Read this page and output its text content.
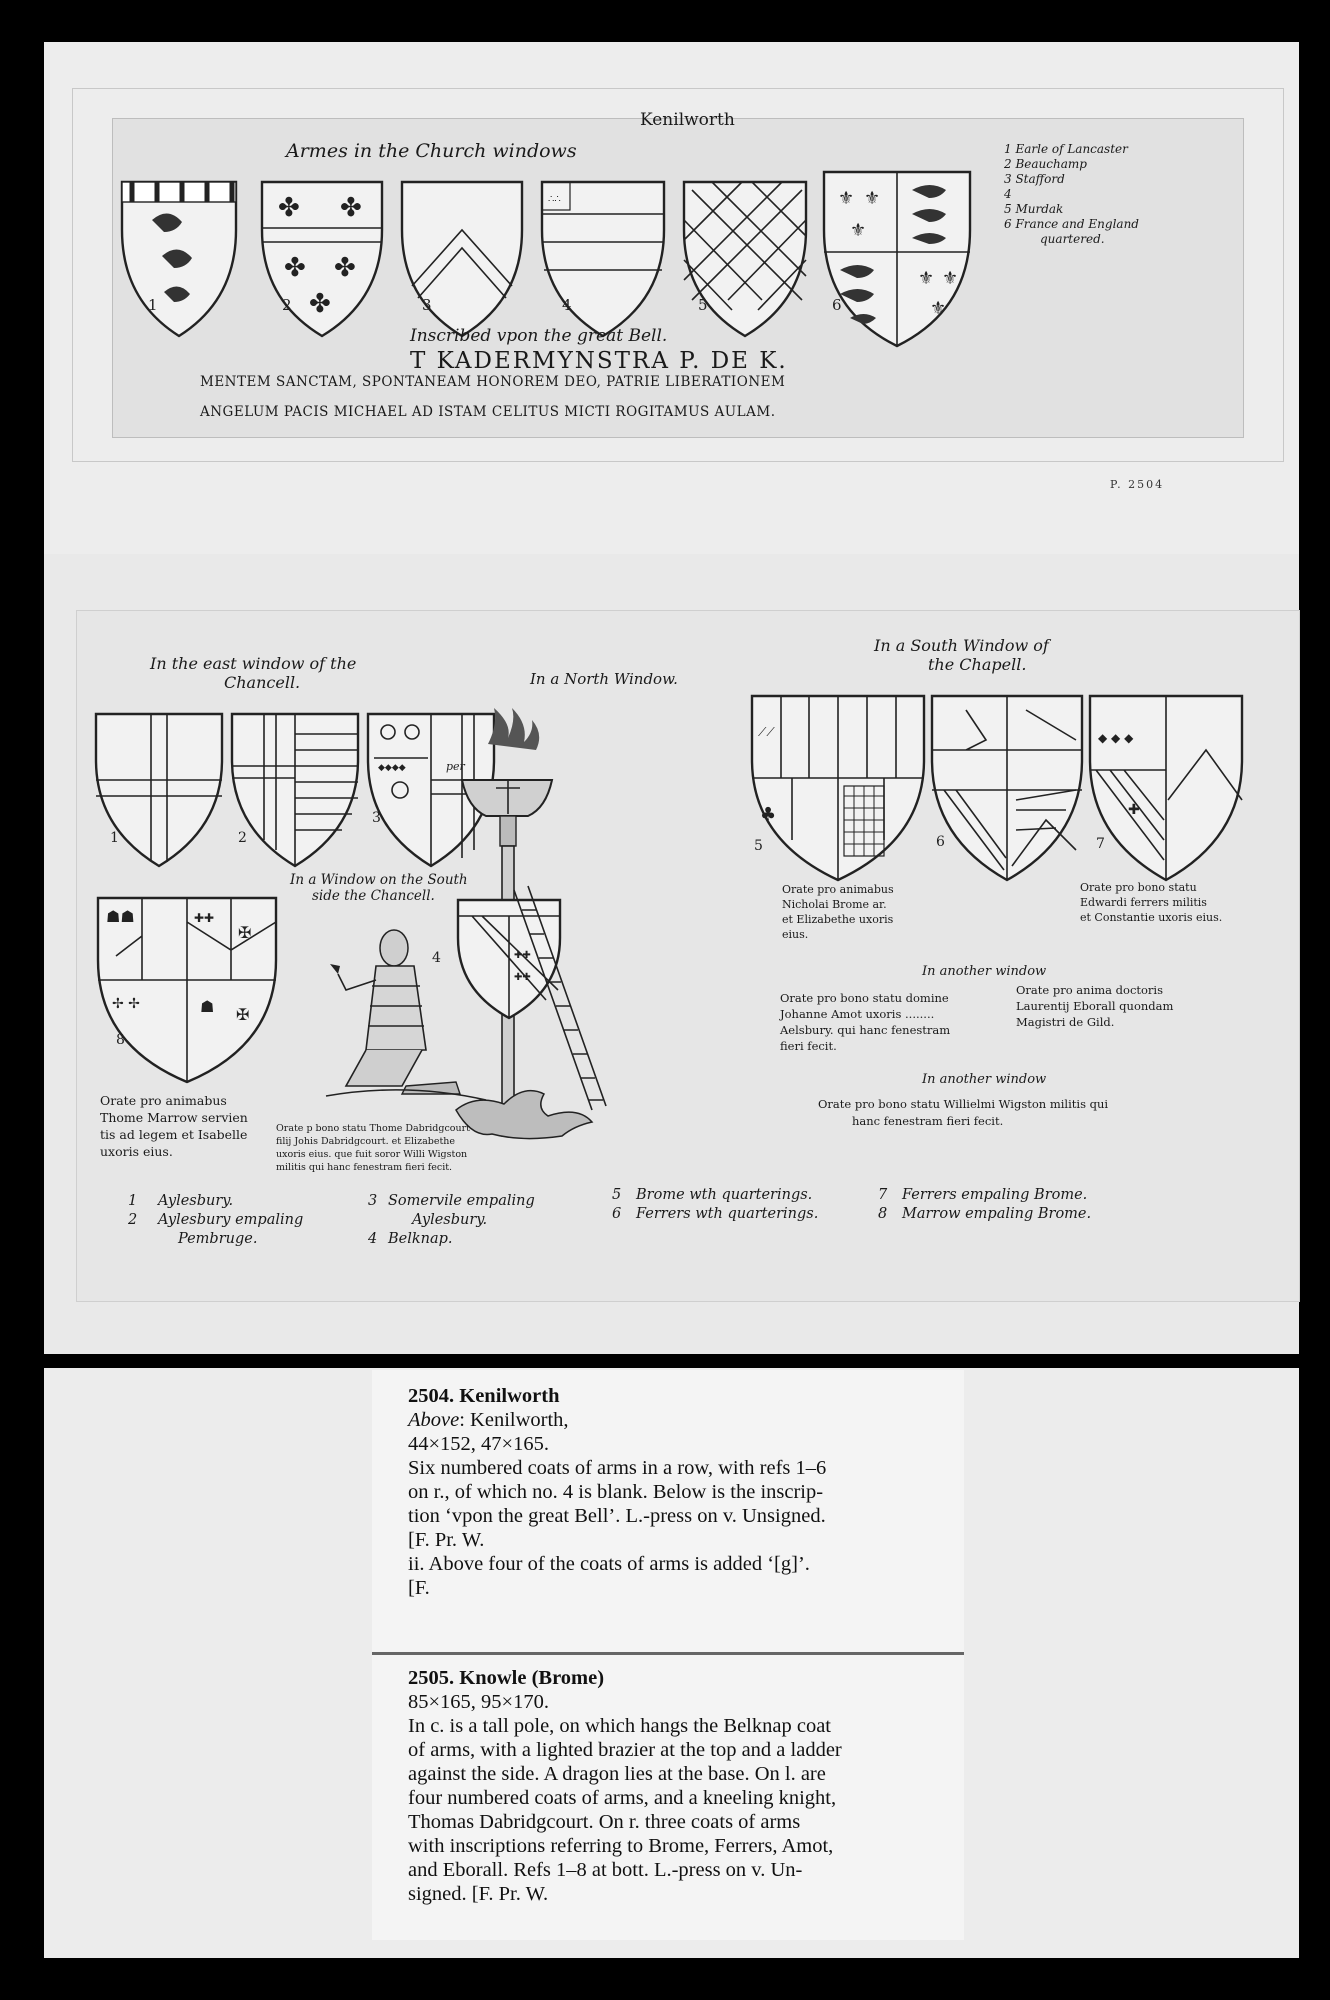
Kenilworth
Armes in the Church windows
1
✤ ✤
✤ ✤
✤
2	3
∴∴
4	5
⚜ ⚜
⚜
⚜ ⚜
⚜
6
1 Earle of Lancaster
2 Beauchamp
3 Stafford
4
5 Murdak
6 France and England
quartered.
Inscribed vpon the great Bell.
T KADERMYNSTRA P. DE K.
MENTEM SANCTAM, SPONTANEAM HONOREM DEO, PATRIE LIBERATIONEM
ANGELUM PACIS MICHAEL AD ISTAM CELITUS MICTI ROGITAMUS AULAM.
P. 2504
In the east window of the
Chancell.	In a North Window.
In a South Window of
the Chapell.
1	2
◆◆◆◆
3
☗☗	✚✚
✠
✢ ✢	☗ ✠
8
per
✚✚
✚✚
4
♣
⟋⟋
5	6
◆ ◆ ◆
✚
7
In a Window on the South
side the Chancell.
Orate pro animabus
Thome Marrow servien
tis ad legem et Isabelle
uxoris eius.
Orate p bono statu Thome Dabridgcourt
filij Johis Dabridgcourt. et Elizabethe
uxoris eius. que fuit soror Willi Wigston
militis qui hanc fenestram fieri fecit.
Orate pro animabus
Nicholai Brome ar.
et Elizabethe uxoris
eius.
Orate pro bono statu
Edwardi ferrers militis
et Constantie uxoris eius.
In another window
Orate pro bono statu domine
Johanne Amot uxoris ........
Aelsbury. qui hanc fenestram
fieri fecit.
Orate pro anima doctoris
Laurentij Eborall quondam
Magistri de Gild.
In another window
Orate pro bono statu Willielmi Wigston militis qui
hanc fenestram fieri fecit.
1 Aylesbury.
2 Aylesbury empaling
Pembruge.
3 Somervile empaling
Aylesbury.
4 Belknap.
5 Brome wth quarterings.
6 Ferrers wth quarterings.
7 Ferrers empaling Brome.
8 Marrow empaling Brome.

2504. Kenilworth

Above: Kenilworth,

44×152, 47×165.

Six numbered coats of arms in a row, with refs 1–6

on r., of which no. 4 is blank. Below is the inscrip-

tion ‘vpon the great Bell’. L.-press on v. Unsigned.

[F. Pr. W.

ii. Above four of the coats of arms is added ‘[g]’.

[F.

2505. Knowle (Brome)

85×165, 95×170.

In c. is a tall pole, on which hangs the Belknap coat

of arms, with a lighted brazier at the top and a ladder

against the side. A dragon lies at the base. On l. are

four numbered coats of arms, and a kneeling knight,

Thomas Dabridgcourt. On r. three coats of arms

with inscriptions referring to Brome, Ferrers, Amot,

and Eborall. Refs 1–8 at bott. L.-press on v. Un-

signed. [F. Pr. W.
